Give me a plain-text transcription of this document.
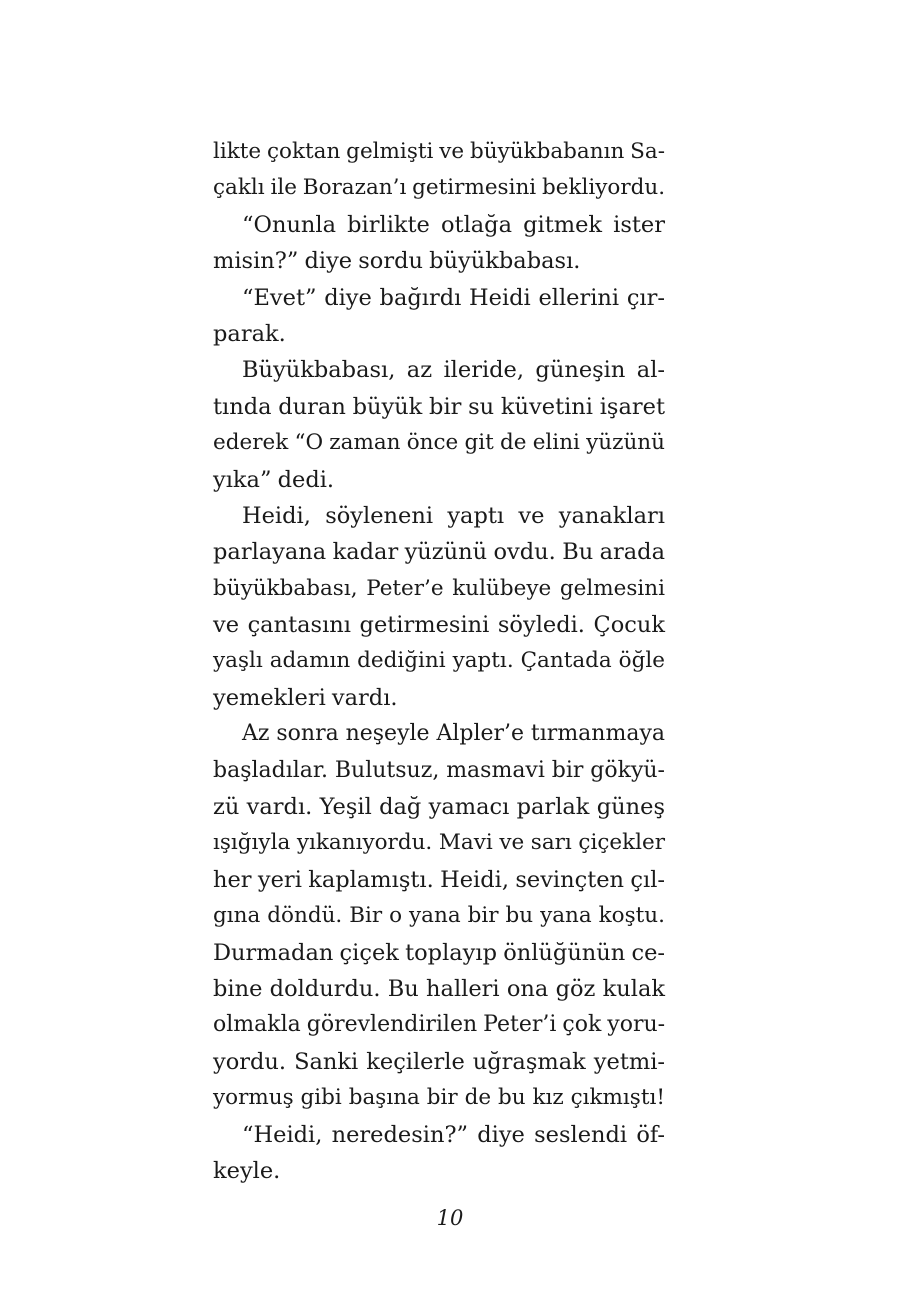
likte çoktan gelmişti ve büyükbabanın Sa-
çaklı ile Borazan’ı getirmesini bekliyordu.
“Onunla birlikte otlağa gitmek ister
misin?” diye sordu büyükbabası.
“Evet” diye bağırdı Heidi ellerini çır-
parak.
Büyükbabası, az ileride, güneşin al-
tında duran büyük bir su küvetini işaret
ederek “O zaman önce git de elini yüzünü
yıka” dedi.
Heidi, söyleneni yaptı ve yanakları
parlayana kadar yüzünü ovdu. Bu arada
büyükbabası, Peter’e kulübeye gelmesini
ve çantasını getirmesini söyledi. Çocuk
yaşlı adamın dediğini yaptı. Çantada öğle
yemekleri vardı.
Az sonra neşeyle Alpler’e tırmanmaya
başladılar. Bulutsuz, masmavi bir gökyü-
zü vardı. Yeşil dağ yamacı parlak güneş
ışığıyla yıkanıyordu. Mavi ve sarı çiçekler
her yeri kaplamıştı. Heidi, sevinçten çıl-
gına döndü. Bir o yana bir bu yana koştu.
Durmadan çiçek toplayıp önlüğünün ce-
bine doldurdu. Bu halleri ona göz kulak
olmakla görevlendirilen Peter’i çok yoru-
yordu. Sanki keçilerle uğraşmak yetmi-
yormuş gibi başına bir de bu kız çıkmıştı!
“Heidi, neredesin?” diye seslendi öf-
keyle.
10
